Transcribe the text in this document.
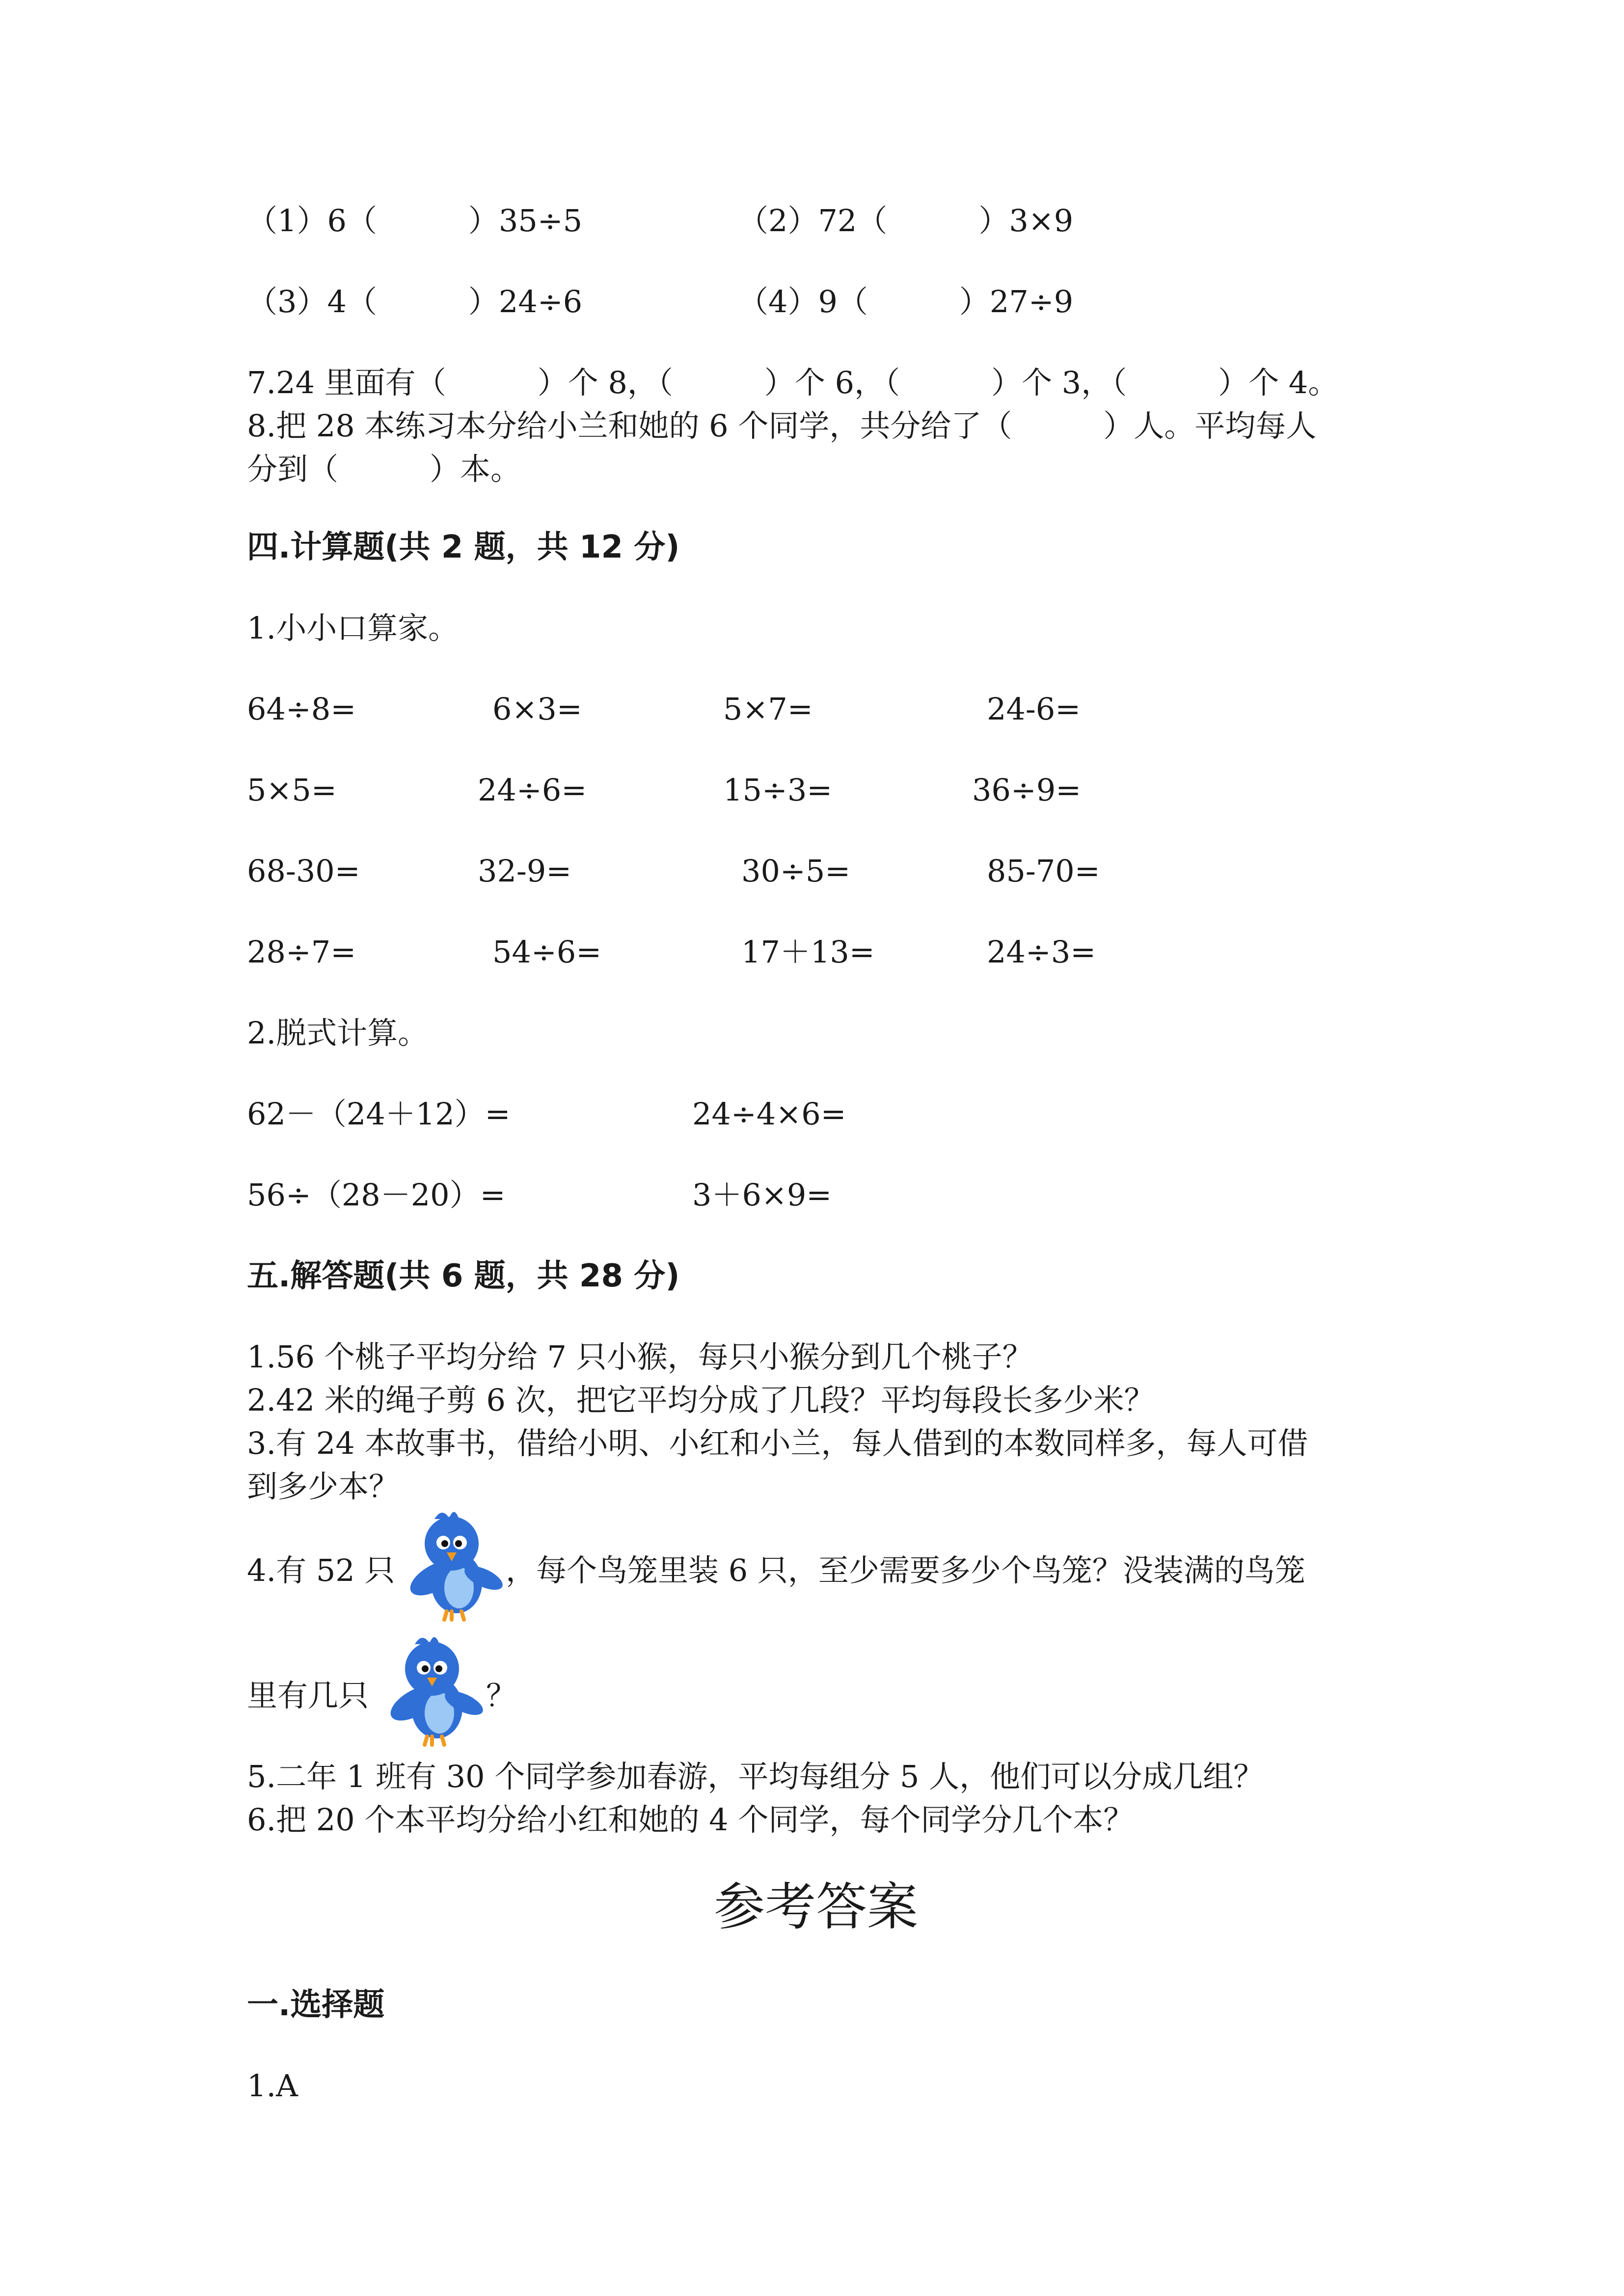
（1）6（　　　）35÷5	（2）72（　　　）3×9
（3）4（　　　）24÷6	（4）9（　　　）27÷9
7.24 里面有（　　　）个 8，（　　　）个 6，（　　　）个 3，（　　　）个 4。
8.把 28 本练习本分给小兰和她的 6 个同学，共分给了（　　　）人。平均每人
分到（　　　）本。
四.计算题(共 2 题，共 12 分)
1.小小口算家。
64÷8=	6×3=	5×7=	24-6=
5×5=	24÷6=	15÷3=	36÷9=
68-30=	32-9=	30÷5=	85-70=
28÷7=	54÷6=	17＋13=	24÷3=
2.脱式计算。
62－（24＋12）=	24÷4×6=
56÷（28－20）=	3＋6×9=
五.解答题(共 6 题，共 28 分)
1.56 个桃子平均分给 7 只小猴，每只小猴分到几个桃子？
2.42 米的绳子剪 6 次，把它平均分成了几段？平均每段长多少米？
3.有 24 本故事书，借给小明、小红和小兰，每人借到的本数同样多，每人可借
到多少本？
4.有 52 只	，每个鸟笼里装 6 只，至少需要多少个鸟笼？没装满的鸟笼
里有几只	？
5.二年 1 班有 30 个同学参加春游，平均每组分 5 人，他们可以分成几组？
6.把 20 个本平均分给小红和她的 4 个同学，每个同学分几个本？
参考答案
一.选择题
1.A
